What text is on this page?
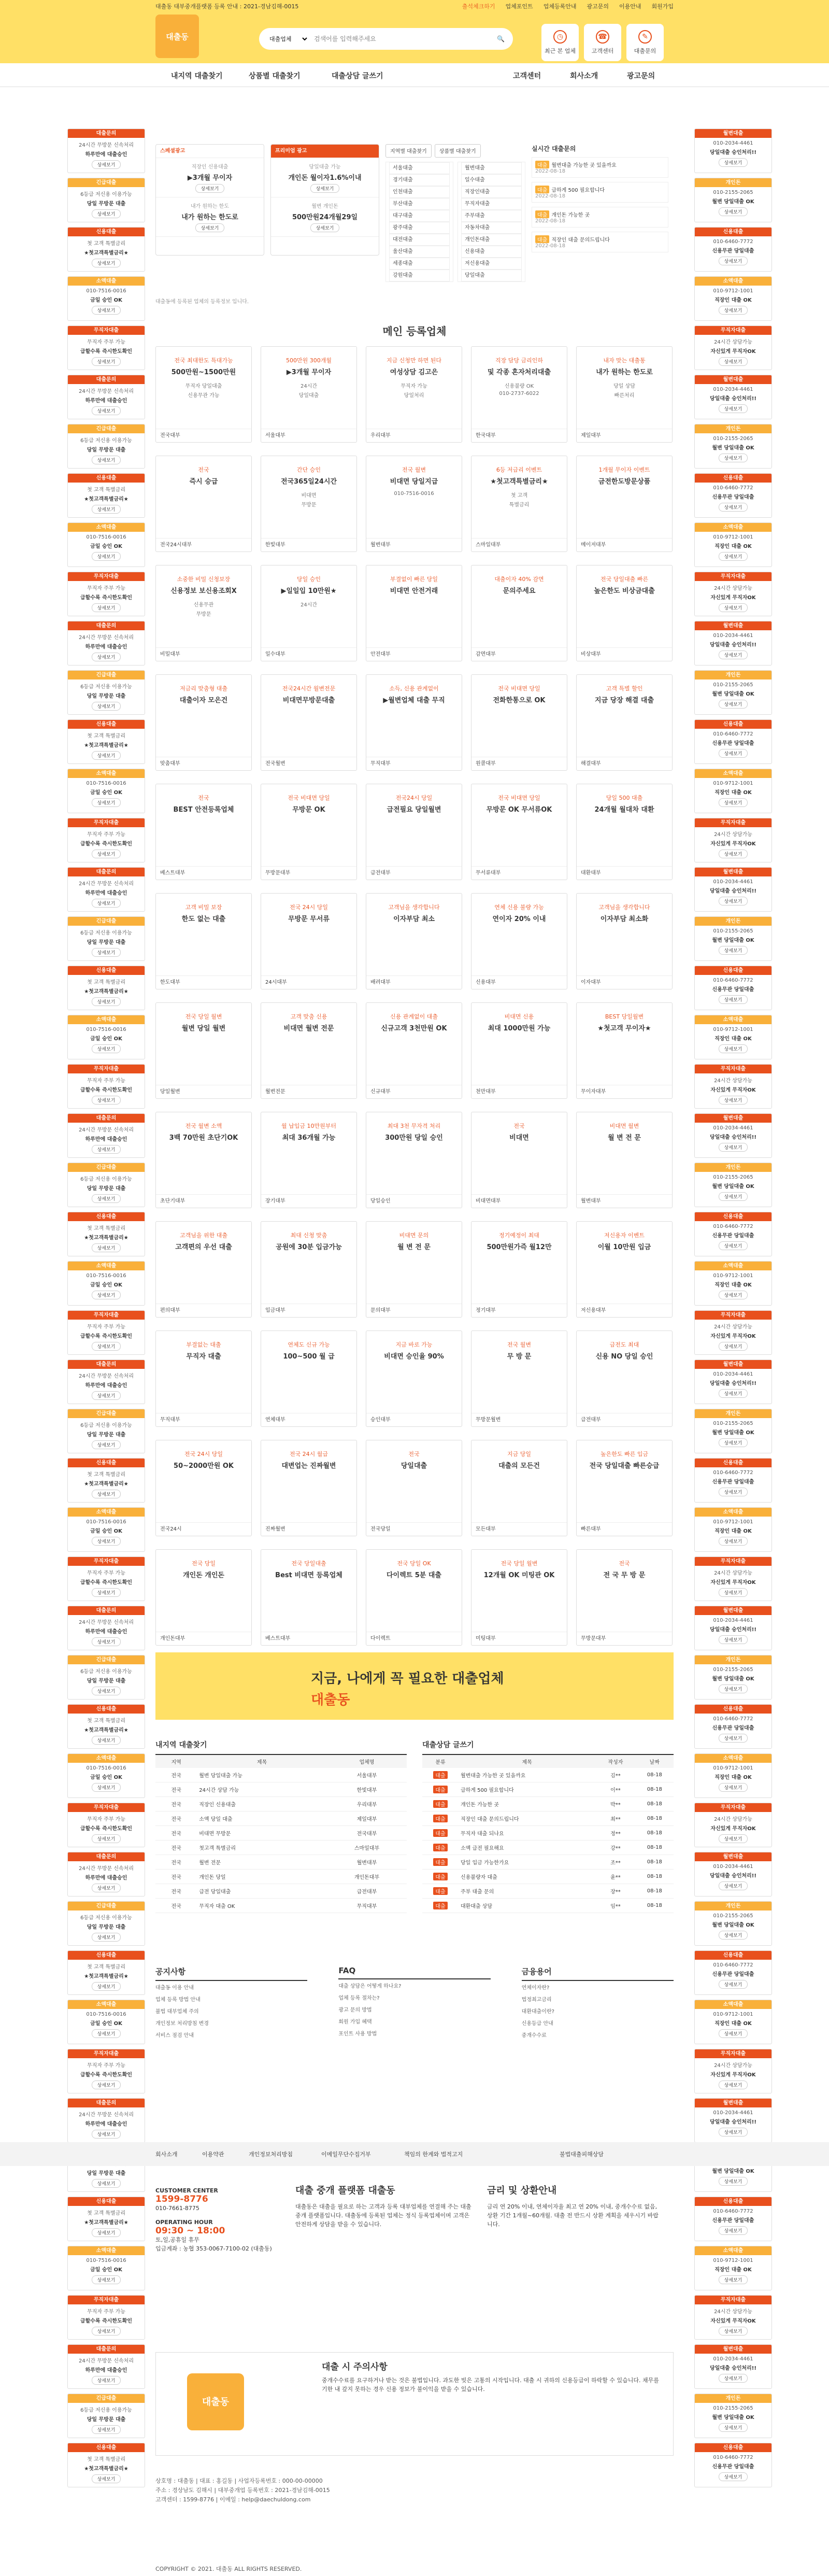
대출동 대부중개플랫폼 등록 안내 : 2021-경남김해-0015	출석체크하기 업체포인트 업체등록안내 광고문의 이용안내 회원가입
대출동
대출업체
검색어를 입력해주세요	🔍	◷
최근 본 업체
☎
고객센터
✎
대출문의
내지역 대출찾기	상품별 대출찾기	대출상담 글쓰기	고객센터	회사소개	광고문의
대출문의
24시간 무방문 신속처리
하루만에 대출승인
상세보기
긴급대출
6등급 저신용 이용가능
당일 무방문 대출
상세보기
신용대출
첫 고객 특별금리
★첫고객특별금리★
상세보기
소액대출
010-7516-0016
금일 승인 OK
상세보기
무직자대출
무직자 주부 가능
급할수록 즉시한도확인
상세보기
대출문의
24시간 무방문 신속처리
하루만에 대출승인
상세보기
긴급대출
6등급 저신용 이용가능
당일 무방문 대출
상세보기
신용대출
첫 고객 특별금리
★첫고객특별금리★
상세보기
소액대출
010-7516-0016
금일 승인 OK
상세보기
무직자대출
무직자 주부 가능
급할수록 즉시한도확인
상세보기
대출문의
24시간 무방문 신속처리
하루만에 대출승인
상세보기
긴급대출
6등급 저신용 이용가능
당일 무방문 대출
상세보기
신용대출
첫 고객 특별금리
★첫고객특별금리★
상세보기
소액대출
010-7516-0016
금일 승인 OK
상세보기
무직자대출
무직자 주부 가능
급할수록 즉시한도확인
상세보기
대출문의
24시간 무방문 신속처리
하루만에 대출승인
상세보기
긴급대출
6등급 저신용 이용가능
당일 무방문 대출
상세보기
신용대출
첫 고객 특별금리
★첫고객특별금리★
상세보기
소액대출
010-7516-0016
금일 승인 OK
상세보기
무직자대출
무직자 주부 가능
급할수록 즉시한도확인
상세보기
대출문의
24시간 무방문 신속처리
하루만에 대출승인
상세보기
긴급대출
6등급 저신용 이용가능
당일 무방문 대출
상세보기
신용대출
첫 고객 특별금리
★첫고객특별금리★
상세보기
소액대출
010-7516-0016
금일 승인 OK
상세보기
무직자대출
무직자 주부 가능
급할수록 즉시한도확인
상세보기
대출문의
24시간 무방문 신속처리
하루만에 대출승인
상세보기
긴급대출
6등급 저신용 이용가능
당일 무방문 대출
상세보기
신용대출
첫 고객 특별금리
★첫고객특별금리★
상세보기
소액대출
010-7516-0016
금일 승인 OK
상세보기
무직자대출
무직자 주부 가능
급할수록 즉시한도확인
상세보기
대출문의
24시간 무방문 신속처리
하루만에 대출승인
상세보기
긴급대출
6등급 저신용 이용가능
당일 무방문 대출
상세보기
신용대출
첫 고객 특별금리
★첫고객특별금리★
상세보기
소액대출
010-7516-0016
금일 승인 OK
상세보기
무직자대출
무직자 주부 가능
급할수록 즉시한도확인
상세보기
대출문의
24시간 무방문 신속처리
하루만에 대출승인
상세보기
긴급대출
6등급 저신용 이용가능
당일 무방문 대출
상세보기
신용대출
첫 고객 특별금리
★첫고객특별금리★
상세보기
소액대출
010-7516-0016
금일 승인 OK
상세보기
무직자대출
무직자 주부 가능
급할수록 즉시한도확인
상세보기
대출문의
24시간 무방문 신속처리
하루만에 대출승인
상세보기
당일 무방문 대출
상세보기
신용대출
첫 고객 특별금리
★첫고객특별금리★
상세보기
소액대출
010-7516-0016
금일 승인 OK
상세보기
무직자대출
무직자 주부 가능
급할수록 즉시한도확인
상세보기
대출문의
24시간 무방문 신속처리
하루만에 대출승인
상세보기
긴급대출
6등급 저신용 이용가능
당일 무방문 대출
상세보기
신용대출
첫 고객 특별금리
★첫고객특별금리★
상세보기
월변대출
010-2034-4461
당일대출 승인처리!!
상세보기
개인돈
010-2155-2065
월변 당일대출 OK
상세보기
신용대출
010-6460-7772
신용무관 당일대출
상세보기
소액대출
010-9712-1001
직장인 대출 OK
상세보기
무직자대출
24시간 상담가능
자신있게 무직자OK
상세보기
월변대출
010-2034-4461
당일대출 승인처리!!
상세보기
개인돈
010-2155-2065
월변 당일대출 OK
상세보기
신용대출
010-6460-7772
신용무관 당일대출
상세보기
소액대출
010-9712-1001
직장인 대출 OK
상세보기
무직자대출
24시간 상담가능
자신있게 무직자OK
상세보기
월변대출
010-2034-4461
당일대출 승인처리!!
상세보기
개인돈
010-2155-2065
월변 당일대출 OK
상세보기
신용대출
010-6460-7772
신용무관 당일대출
상세보기
소액대출
010-9712-1001
직장인 대출 OK
상세보기
무직자대출
24시간 상담가능
자신있게 무직자OK
상세보기
월변대출
010-2034-4461
당일대출 승인처리!!
상세보기
개인돈
010-2155-2065
월변 당일대출 OK
상세보기
신용대출
010-6460-7772
신용무관 당일대출
상세보기
소액대출
010-9712-1001
직장인 대출 OK
상세보기
무직자대출
24시간 상담가능
자신있게 무직자OK
상세보기
월변대출
010-2034-4461
당일대출 승인처리!!
상세보기
개인돈
010-2155-2065
월변 당일대출 OK
상세보기
신용대출
010-6460-7772
신용무관 당일대출
상세보기
소액대출
010-9712-1001
직장인 대출 OK
상세보기
무직자대출
24시간 상담가능
자신있게 무직자OK
상세보기
월변대출
010-2034-4461
당일대출 승인처리!!
상세보기
개인돈
010-2155-2065
월변 당일대출 OK
상세보기
신용대출
010-6460-7772
신용무관 당일대출
상세보기
소액대출
010-9712-1001
직장인 대출 OK
상세보기
무직자대출
24시간 상담가능
자신있게 무직자OK
상세보기
월변대출
010-2034-4461
당일대출 승인처리!!
상세보기
개인돈
010-2155-2065
월변 당일대출 OK
상세보기
신용대출
010-6460-7772
신용무관 당일대출
상세보기
소액대출
010-9712-1001
직장인 대출 OK
상세보기
무직자대출
24시간 상담가능
자신있게 무직자OK
상세보기
월변대출
010-2034-4461
당일대출 승인처리!!
상세보기
개인돈
010-2155-2065
월변 당일대출 OK
상세보기
신용대출
010-6460-7772
신용무관 당일대출
상세보기
소액대출
010-9712-1001
직장인 대출 OK
상세보기
무직자대출
24시간 상담가능
자신있게 무직자OK
상세보기
월변대출
010-2034-4461
당일대출 승인처리!!
상세보기
월변 당일대출 OK
상세보기
신용대출
010-6460-7772
신용무관 당일대출
상세보기
소액대출
010-9712-1001
직장인 대출 OK
상세보기
무직자대출
24시간 상담가능
자신있게 무직자OK
상세보기
월변대출
010-2034-4461
당일대출 승인처리!!
상세보기
개인돈
010-2155-2065
월변 당일대출 OK
상세보기
신용대출
010-6460-7772
신용무관 당일대출
상세보기
스페셜광고
직장인 신용대출
▶3개월 무이자
상세보기
내가 원하는 한도
내가 원하는 한도로
상세보기
프리미엄 광고
당일대출 가능
개인돈 월이자1.6%이내
상세보기
월변 개인돈
500만원24개월29일
상세보기
지역별 대출찾기	상품별 대출찾기
서울대출
경기대출
인천대출
부산대출
대구대출
광주대출
대전대출
울산대출
세종대출
강원대출
월변대출
일수대출
직장인대출
무직자대출
주부대출
자동차대출
개인돈대출
신용대출
저신용대출
당일대출
실시간 대출문의
대출 월변대출 가능한 곳 있을까요
2022-08-18
대출 급하게 500 필요합니다
2022-08-18
대출 개인돈 가능한 곳
2022-08-18
대출 직장인 대출 문의드립니다
2022-08-18
대출동에 등록된 업체의 등록정보 입니다.
메인 등록업체
전국 최대한도 특대가능
500만원~1500만원
무직자 당일대출
신용무관 가능
전국대부
500만원 300개월
▶3개월 무이자
24시간
당일대출
서울대부
지금 신청만 하면 된다
여성상담 김고은
무직자 가능
당일처리
우리대부
직장 담당 금리인하
및 각종 혼자처리대출
신용불량 OK
010-2737-6022
한국대부
내자 맞는 대출통
내가 원하는 한도로
당일 상담
빠른처리
제일대부
전국
즉시 승급
전국24시대부
간단 승인
전국365일24시간
비대면
무방문
한빛대부
전국 월변
비대면 당일지급
010-7516-0016
월변대부
6등 저급리 이벤트
★첫고객특별금리★
첫 고객
특별금리
스마일대부
1개월 무이자 이벤트
금전한도방문상품
메이저대부
소중한 비밀 신청보장
신용정보 보신용조회X
신용무관
무방문
비밀대부
당일 승인
▶일일입 10만원★
24시간
일수대부
부결없이 빠른 당일
비대면 안전거래
안전대부
대출이자 40% 감면
문의주세요
감면대부
전국 당일대출 빠른
높은한도 비상금대출
비상대부
저금리 맞춤형 대출
대출이자 모은건
맞춤대부
전국24시간 월변전문
비대면무방문대출
전국월변
소득, 신용 관계없이
▶월변업체 대출 무직
무직대부
전국 비대면 당일
전화한통으로 OK
원콜대부
고객 특별 할인
지금 당장 해결 대출
해결대부
전국
BEST 안전등록업체
베스트대부
전국 비대면 당일
무방문 OK
무방문대부
전국24시 당일
급전필요 당일월변
급전대부
전국 비대면 당일
무방문 OK 무서류OK
무서류대부
당일 500 대출
24개월 월대차 대환
대환대부
고객 비밀 보장
한도 없는 대출
한도대부
전국 24시 당일
무방문 무서류
24시대부
고객님을 생각합니다
이자부담 최소
배려대부
연체 신용 불량 가능
연이자 20% 이내
신용대부
고객님을 생각합니다
이자부담 최소화
이자대부
전국 당일 월변
월변 당일 월변
당일월변
고객 맞춤 신용
비대면 월변 전문
월변전문
신용 관계없이 대출
신규고객 3천만원 OK
신규대부
비대면 신용
최대 1000만원 가능
천만대부
BEST 당일월변
★첫고객 무이자★
무이자대부
전국 월변 소액
3백 70만원 초단기OK
초단기대부
월 납입금 10만원부터
최대 36개월 가능
장기대부
최대 3천 무자격 처리
300만원 당일 승인
당일승인
전국
비대면
비대면대부
비대면 월변
월 변 전 문
월변대부
고객님을 위한 대출
고객편의 우선 대출
편의대부
최대 신청 맞춤
공원에 30분 입금가능
입금대부
비대면 문의
월 변 전 문
문의대부
정기예정이 최대
500만원가즉 월12만
정기대부
저신용자 이벤트
이월 10만원 입금
저신용대부
부결없는 대출
무직자 대출
무직대부
연체도 신규 가능
100~500 월 급
연체대부
지금 바로 가능
비대면 승인율 90%
승인대부
전국 월변
무 방 문
무방문월변
급전도 최대
신용 NO 당일 승인
급전대부
전국 24시 당일
50~2000만원 OK
전국24시
전국 24시 월급
대변업는 진짜월변
진짜월변
전국
당일대출
전국당일
지금 당일
대출의 모든건
모든대부
높은한도 빠른 입금
전국 당일대출 빠른승급
빠른대부
전국 당일
개인돈 개인돈
개인돈대부
전국 당일대출
Best 비대면 등록업체
베스트대부
전국 당일 OK
다이렉트 5분 대출
다이렉트
전국 당일 월변
12개월 OK 미팅관 OK
미팅대부
전국
전 국 무 방 문
무방문대부
지금, 나에게 꼭 필요한 대출업체
대출동
내지역 대출찾기
지역	제목	업체명
전국	월변 당일대출 가능	서울대부
전국	24시간 상담 가능	한빛대부
전국	직장인 신용대출	우리대부
전국	소액 당일 대출	제일대부
전국	비대면 무방문	전국대부
전국	첫고객 특별금리	스마일대부
전국	월변 전문	월변대부
전국	개인돈 당일	개인돈대부
전국	급전 당일대출	급전대부
전국	무직자 대출 OK	무직대부
대출상담 글쓰기
분류	제목	작성자	날짜
대출	월변대출 가능한 곳 있을까요	김**	08-18
대출	급하게 500 필요합니다	이**	08-18
대출	개인돈 가능한 곳	박**	08-18
대출	직장인 대출 문의드립니다	최**	08-18
대출	무직자 대출 되나요	정**	08-18
대출	소액 급전 필요해요	강**	08-18
대출	당일 입금 가능한가요	조**	08-18
대출	신용불량자 대출	윤**	08-18
대출	주부 대출 문의	장**	08-18
대출	대환대출 상담	임**	08-18
공지사항
대출동 이용 안내
업체 등록 방법 안내
불법 대부업체 주의
개인정보 처리방침 변경
서비스 점검 안내
FAQ
대출 상담은 어떻게 하나요?
업체 등록 절차는?
광고 문의 방법
회원 가입 혜택
포인트 사용 방법
금융용어
연체이자란?
법정최고금리
대환대출이란?
신용등급 안내
중개수수료
회사소개	이용약관	개인정보처리방침	이메일무단수집거부	책임의 한계와 법적고지	불법대출피해상담
CUSTOMER CENTER
1599-8776
010-7661-8775
OPERATING HOUR
09:30 ~ 18:00
토,일,공휴일 휴무
입금계좌 : 농협 353-0067-7100-02 (대출동)
대출 중개 플랫폼 대출동
대출동은 대출을 필요로 하는 고객과 등록 대부업체를 연결해 주는 대출중개 플랫폼입니다. 대출동에 등록된 업체는 정식 등록업체이며 고객은 안전하게 상담을 받을 수 있습니다.
금리 및 상환안내
금리 연 20% 이내, 연체이자율 최고 연 20% 이내, 중개수수료 없음, 상환 기간 1개월~60개월. 대출 전 반드시 상환 계획을 세우시기 바랍니다.
대출동
대출 시 주의사항
중개수수료를 요구하거나 받는 것은 불법입니다. 과도한 빚은 고통의 시작입니다. 대출 시 귀하의 신용등급이 하락할 수 있습니다. 채무를 기한 내 갚지 못하는 경우 신용 정보가 불이익을 받을 수 있습니다.
상호명 : 대출동 | 대표 : 홍길동 | 사업자등록번호 : 000-00-00000
주소 : 경상남도 김해시 | 대부중개업 등록번호 : 2021-경남김해-0015
고객센터 : 1599-8776 | 이메일 : help@daechuldong.com
COPYRIGHT © 2021. 대출동 ALL RIGHTS RESERVED.
